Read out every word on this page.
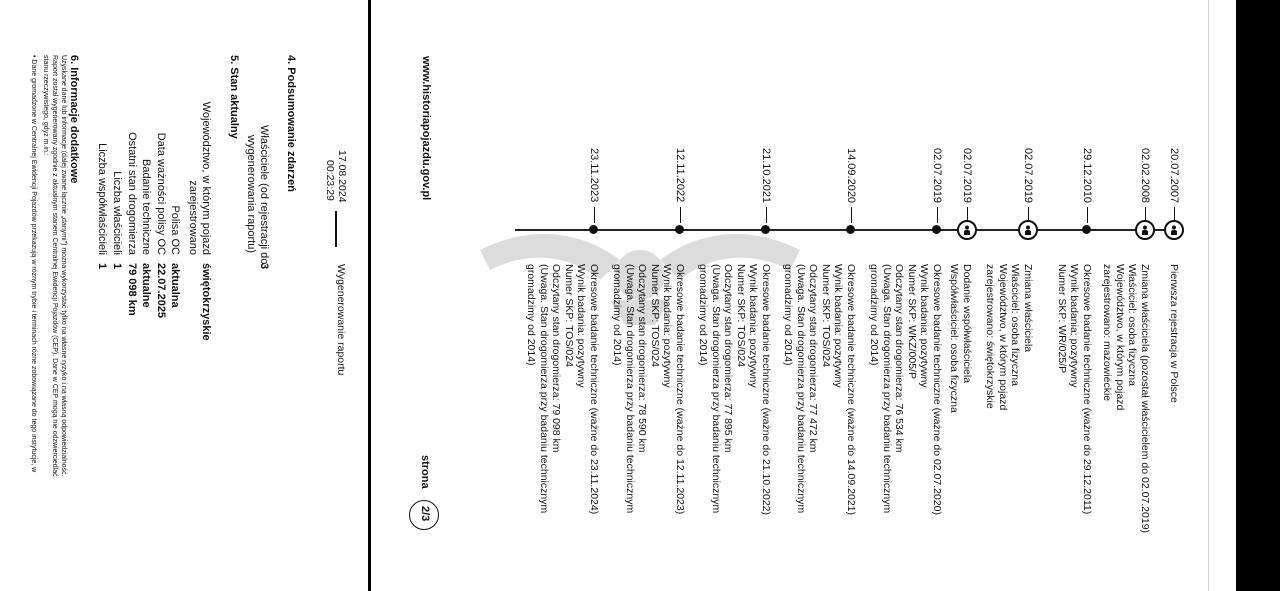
www.historiapojazdu.gov.pl
strona
2/3
20.07.2007
Pierwsza rejestracja w Polsce
02.02.2008
Zmiana właściciela (pozostał właścicielem do 02.07.2019)
Właściciel: osoba fizyczna
Województwo, w którym pojazd
zarejestrowano: mazowieckie
29.12.2010
Okresowe badanie techniczne (ważne do 29.12.2011)
Wynik badania: pozytywny
Numer SKP: WR/025/P
02.07.2019
Zmiana właściciela
Właściciel: osoba fizyczna
Województwo, w którym pojazd
zarejestrowano: świętokrzyskie
02.07.2019
Dodanie współwłaściciela
Współwłaściciel: osoba fizyczna
02.07.2019
Okresowe badanie techniczne (ważne do 02.07.2020)
Wynik badania: pozytywny
Numer SKP: WKZ/005/P
Odczytany stan drogomierza: 76 534 km
(Uwaga. Stan drogomierza przy badaniu technicznym
gromadzimy od 2014)
14.09.2020
Okresowe badanie techniczne (ważne do 14.09.2021)
Wynik badania: pozytywny
Numer SKP: TOS/024
Odczytany stan drogomierza: 77 472 km
(Uwaga. Stan drogomierza przy badaniu technicznym
gromadzimy od 2014)
21.10.2021
Okresowe badanie techniczne (ważne do 21.10.2022)
Wynik badania: pozytywny
Numer SKP: TOS/024
Odczytany stan drogomierza: 77 895 km
(Uwaga. Stan drogomierza przy badaniu technicznym
gromadzimy od 2014)
12.11.2022
Okresowe badanie techniczne (ważne do 12.11.2023)
Wynik badania: pozytywny
Numer SKP: TOS/024
Odczytany stan drogomierza: 78 590 km
(Uwaga. Stan drogomierza przy badaniu technicznym
gromadzimy od 2014)
23.11.2023
Okresowe badanie techniczne (ważne do 23.11.2024)
Wynik badania: pozytywny
Numer SKP: TOS/024
Odczytany stan drogomierza: 79 098 km
(Uwaga. Stan drogomierza przy badaniu technicznym
gromadzimy od 2014)
17.08.2024
00:23:29
Wygenerowanie raportu
4. Podsumowanie zdarzeń
Właściciele (od rejestracji do
wygenerowania raportu)
3
5. Stan aktualny
Województwo, w którym pojazd
świętokrzyskie
zarejestrowano
Polisa OC
aktualna
Data ważności polisy OC
22.07.2025
Badanie techniczne
aktualne
Ostatni stan drogomierza
79 098 km
Liczba właścicieli
1
Liczba współwłaścicieli
1
6. Informacje dodatkowe
Uzyskane dane lub informacje (dalej zwane łącznie „danymi") można wykorzystać tylko na własne ryzyko i na własną odpowiedzialność.
Raport został wygenerowany zgodnie z aktualnym stanem Centralnej Ewidencji Pojazdów (CEP). Dane w CEP mogą nie odzwierciedlać
stanu rzeczywistego, gdyż m.in.:
• Dane gromadzone w Centralnej Ewidencji Pojazdów przekazują w różnym trybie i terminach różne zobowiązane do tego instytucje, w
